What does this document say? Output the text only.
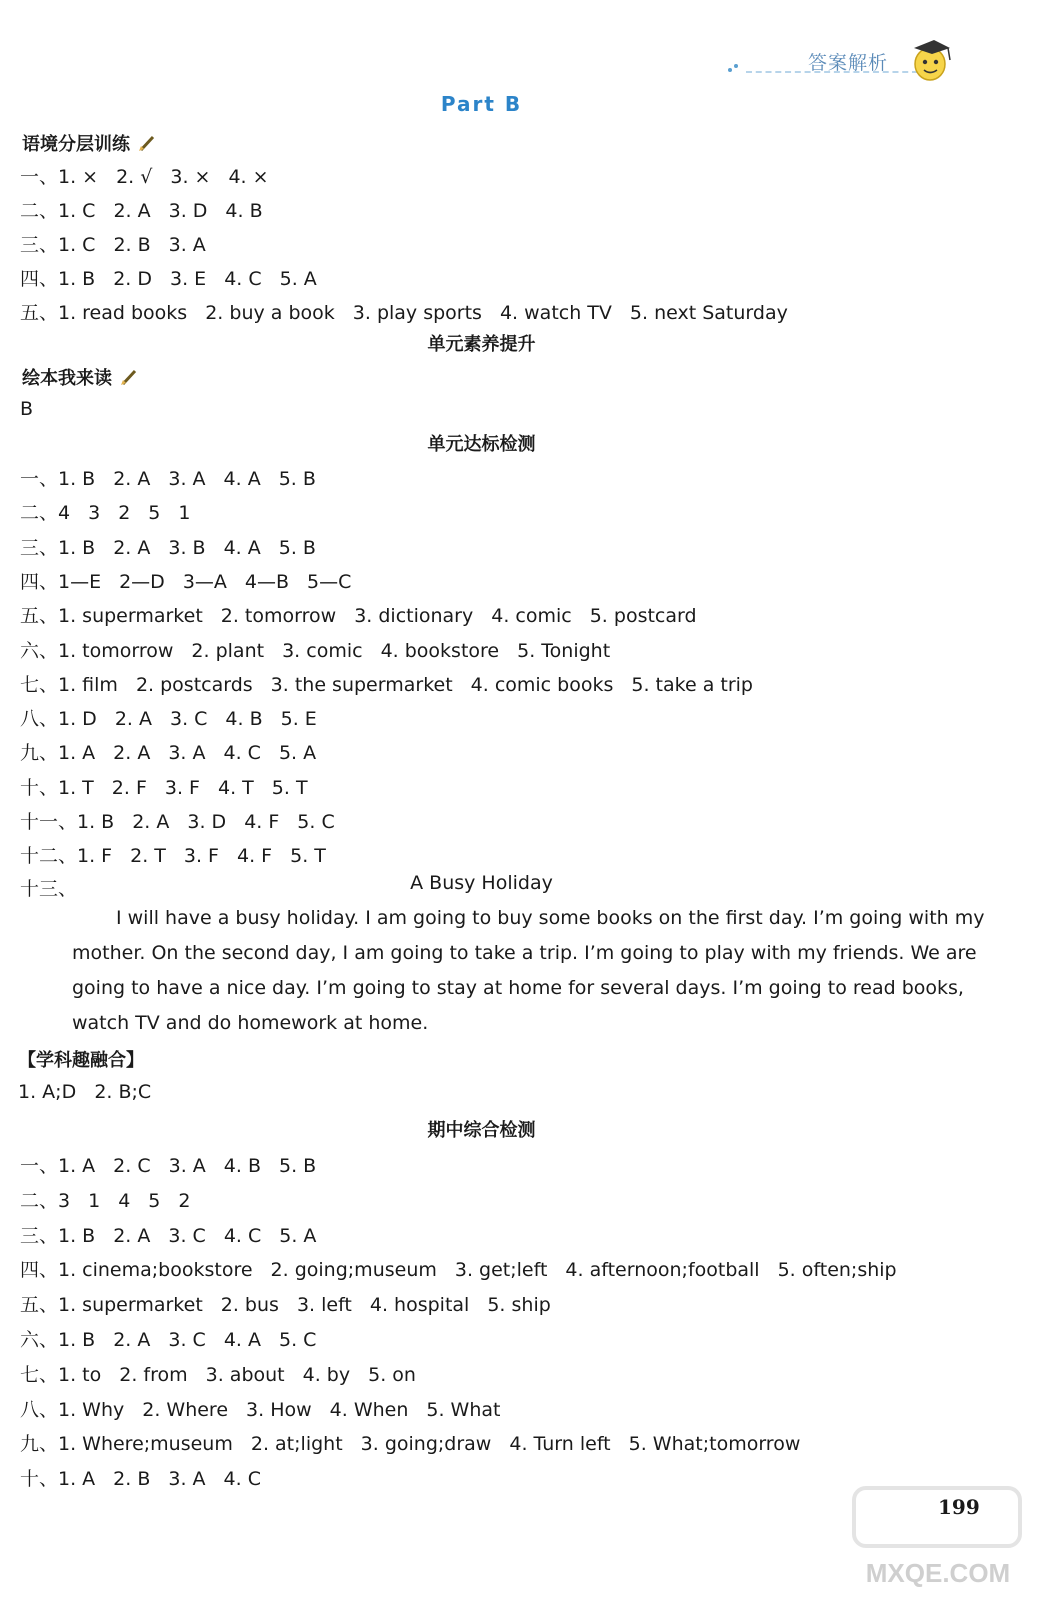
答案解析
Part B
语境分层训练
一、1. × 2. √ 3. × 4. ×
二、1. C 2. A 3. D 4. B
三、1. C 2. B 3. A
四、1. B 2. D 3. E 4. C 5. A
五、1. read books 2. buy a book 3. play sports 4. watch TV 5. next Saturday
单元素养提升
绘本我来读
B
单元达标检测
一、1. B 2. A 3. A 4. A 5. B
二、4 3 2 5 1
三、1. B 2. A 3. B 4. A 5. B
四、1—E 2—D 3—A 4—B 5—C
五、1. supermarket 2. tomorrow 3. dictionary 4. comic 5. postcard
六、1. tomorrow 2. plant 3. comic 4. bookstore 5. Tonight
七、1. film 2. postcards 3. the supermarket 4. comic books 5. take a trip
八、1. D 2. A 3. C 4. B 5. E
九、1. A 2. A 3. A 4. C 5. A
十、1. T 2. F 3. F 4. T 5. T
十一、1. B 2. A 3. D 4. F 5. C
十二、1. F 2. T 3. F 4. F 5. T
十三、	A Busy Holiday
I will have a busy holiday. I am going to buy some books on the first day. I’m going with my
mother. On the second day, I am going to take a trip. I’m going to play with my friends. We are
going to have a nice day. I’m going to stay at home for several days. I’m going to read books,
watch TV and do homework at home.
【学科趣融合】
1. A;D   2. B;C
期中综合检测
一、1. A 2. C 3. A 4. B 5. B
二、3 1 4 5 2
三、1. B 2. A 3. C 4. C 5. A
四、1. cinema;bookstore 2. going;museum 3. get;left 4. afternoon;football 5. often;ship
五、1. supermarket 2. bus 3. left 4. hospital 5. ship
六、1. B 2. A 3. C 4. A 5. C
七、1. to 2. from 3. about 4. by 5. on
八、1. Why 2. Where 3. How 4. When 5. What
九、1. Where;museum 2. at;light 3. going;draw 4. Turn left 5. What;tomorrow
十、1. A 2. B 3. A 4. C
199
MXQE.COM
